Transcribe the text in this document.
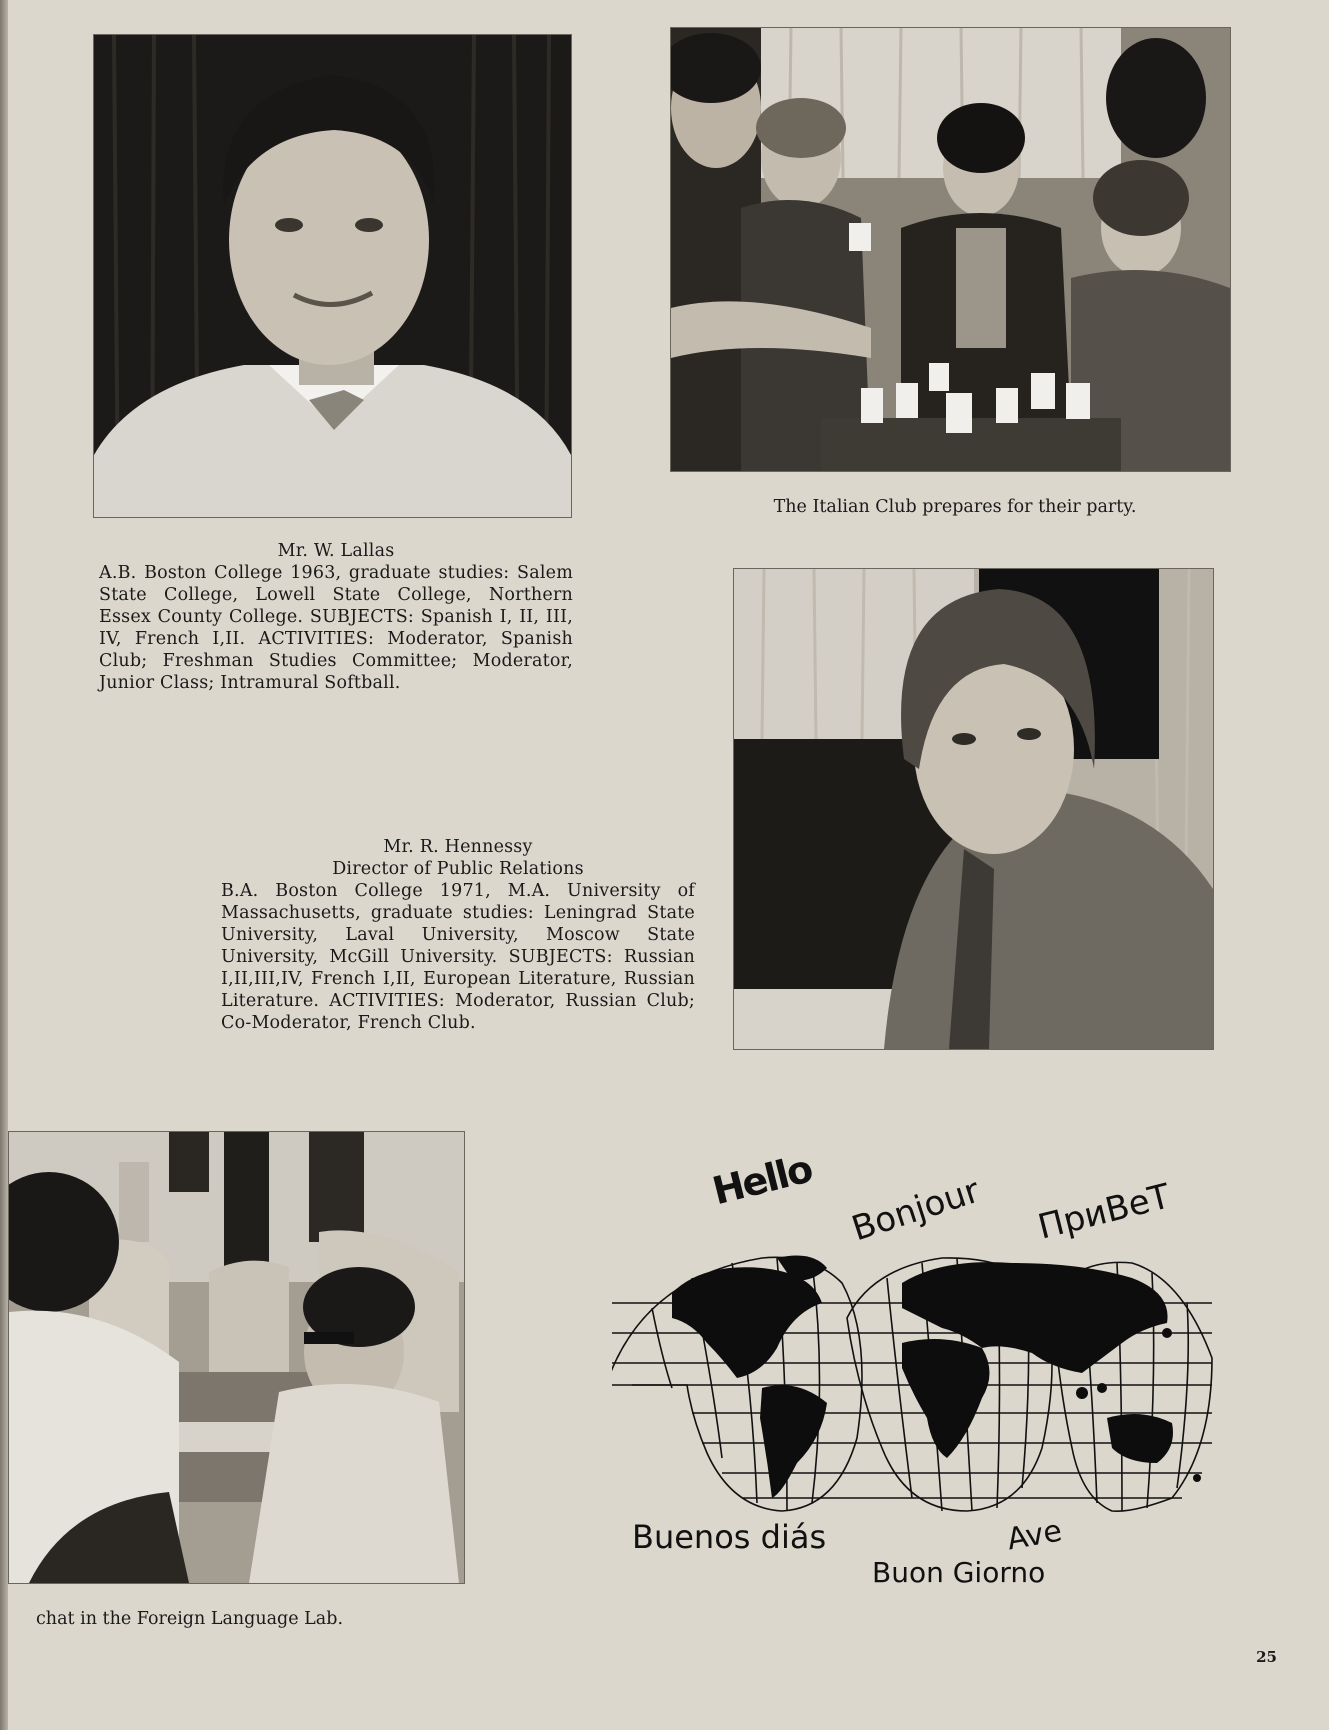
The Italian Club prepares for their party.

Mr. W. Lallas
A.B. Boston College 1963, graduate studies: Salem State College, Lowell State College, Northern Essex County College. SUBJECTS: Spanish I, II, III, IV, French I,II. ACTIVITIES: Moderator, Spanish Club; Freshman Studies Committee; Moderator, Junior Class; Intramural Softball.
Mr. R. Hennessy
Director of Public Relations
B.A. Boston College 1971, M.A. University of Massachusetts, graduate studies: Leningrad State University, Laval University, Moscow State University, McGill University. SUBJECTS: Russian I,II,III,IV, French I,II, European Literature, Russian Literature. ACTIVITIES: Moderator, Russian Club; Co-Moderator, French Club.

chat in the Foreign Language Lab.

Hello Bonjour ПриВеТ
Buenos diás	Ave
Buon Giorno
25
